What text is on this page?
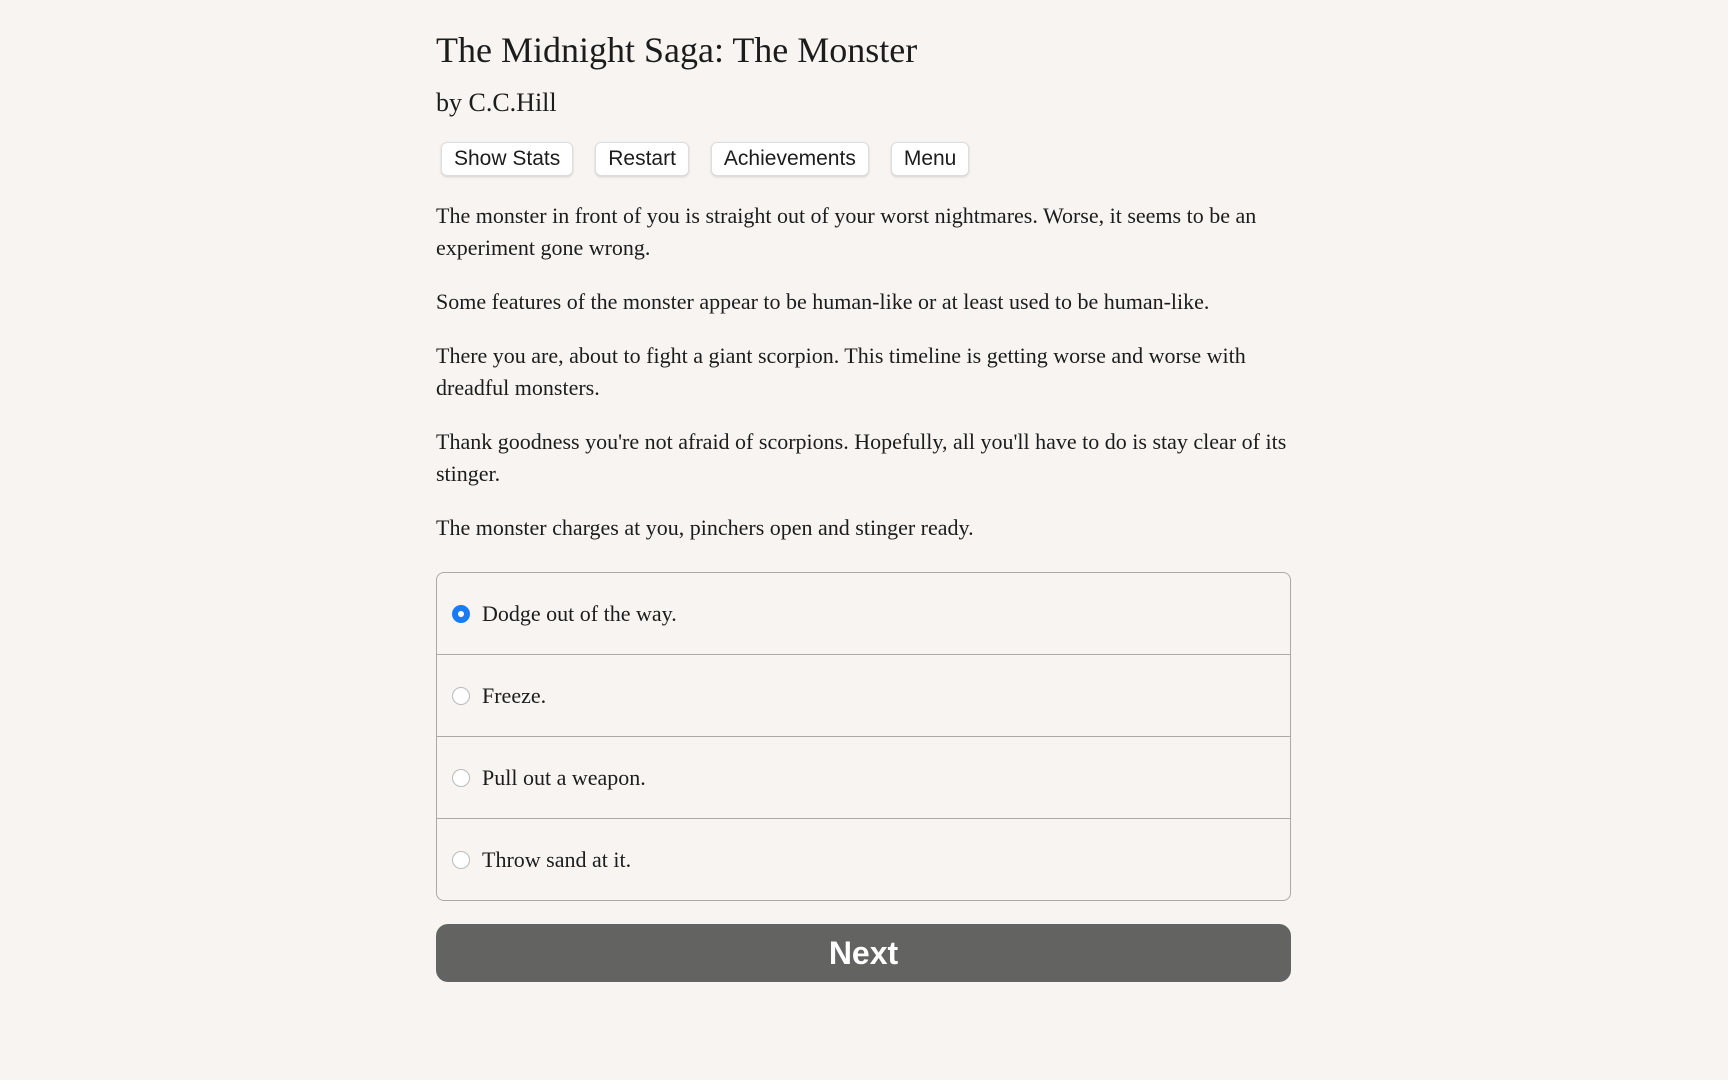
The Midnight Saga: The Monster
by C.C.Hill
Show Stats	Restart	Achievements	Menu

The monster in front of you is straight out of your worst nightmares. Worse, it seems to be an experiment gone wrong.

Some features of the monster appear to be human-like or at least used to be human-like.

There you are, about to fight a giant scorpion. This timeline is getting worse and worse with dreadful monsters.

Thank goodness you're not afraid of scorpions. Hopefully, all you'll have to do is stay clear of its stinger.

The monster charges at you, pinchers open and stinger ready.

Dodge out of the way.
Freeze.
Pull out a weapon.
Throw sand at it.
Next
